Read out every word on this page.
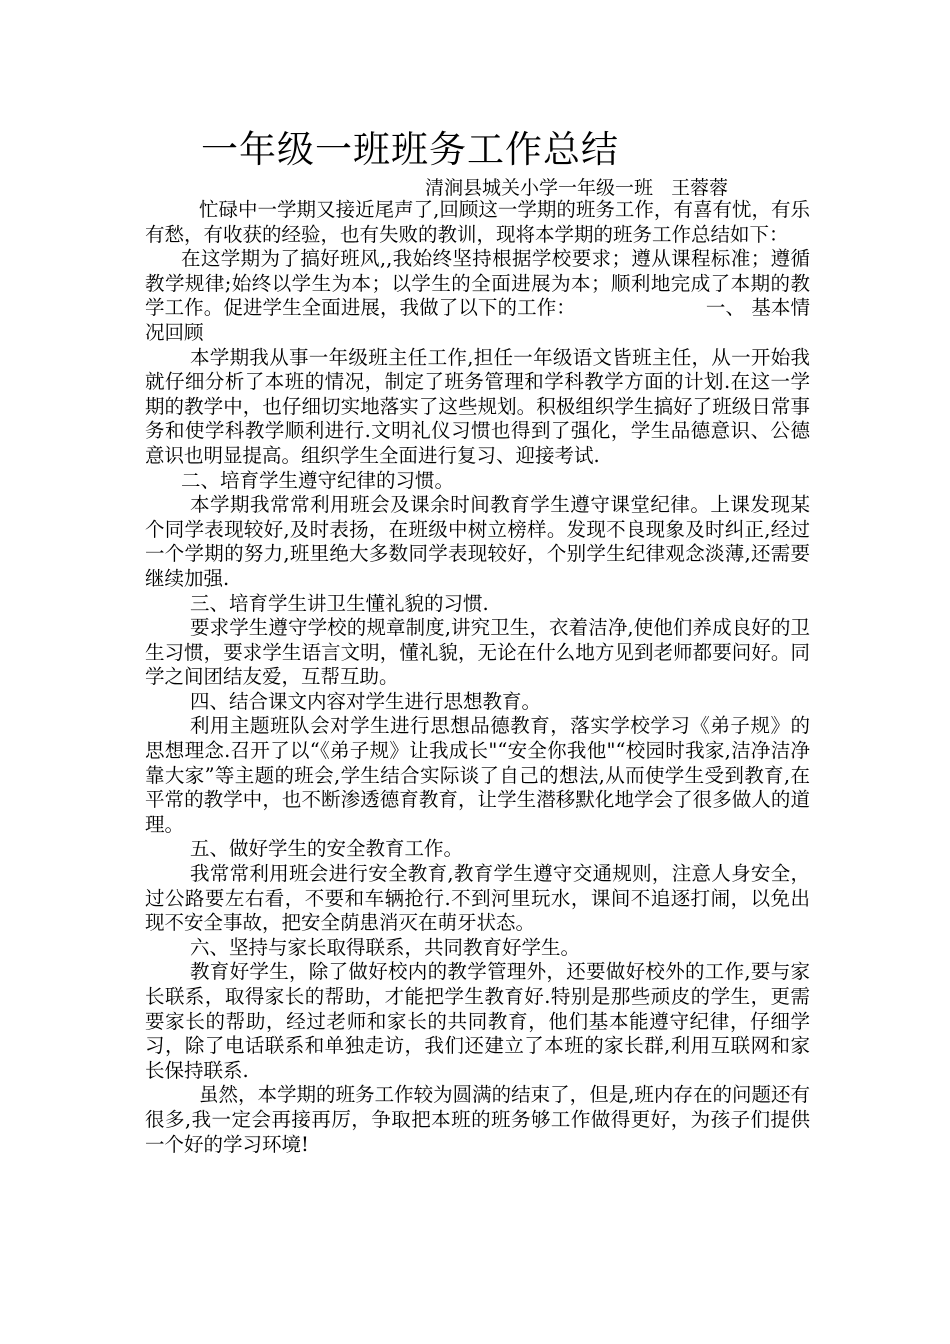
一年级一班班务工作总结
清涧县城关小学一年级一班   王蓉蓉

忙碌中一学期又接近尾声了,回顾这一学期的班务工作，有喜有忧，有乐有愁，有收获的经验，也有失败的教训，现将本学期的班务工作总结如下：

在这学期为了搞好班风,,我始终坚持根据学校要求；遵从课程标准；遵循教学规律;始终以学生为本；以学生的全面进展为本；顺利地完成了本期的教学工作。促进学生全面进展，我做了以下的工作：	一、 基本情况回顾

本学期我从事一年级班主任工作,担任一年级语文皆班主任，从一开始我就仔细分析了本班的情况，制定了班务管理和学科教学方面的计划.在这一学期的教学中，也仔细切实地落实了这些规划。积极组织学生搞好了班级日常事务和使学科教学顺利进行.文明礼仪习惯也得到了强化，学生品德意识、公德意识也明显提高。组织学生全面进行复习、迎接考试.

二、培育学生遵守纪律的习惯。

本学期我常常利用班会及课余时间教育学生遵守课堂纪律。上课发现某个同学表现较好,及时表扬，在班级中树立榜样。发现不良现象及时纠正,经过一个学期的努力,班里绝大多数同学表现较好，个别学生纪律观念淡薄,还需要继续加强.

三、培育学生讲卫生懂礼貌的习惯.

要求学生遵守学校的规章制度,讲究卫生，衣着洁净,使他们养成良好的卫生习惯，要求学生语言文明，懂礼貌，无论在什么地方见到老师都要问好。同学之间团结友爱，互帮互助。

四、结合课文内容对学生进行思想教育。

利用主题班队会对学生进行思想品德教育，落实学校学习《弟子规》的思想理念.召开了以“《弟子规》让我成长"“安全你我他"“校园时我家,洁净洁净靠大家”等主题的班会,学生结合实际谈了自己的想法,从而使学生受到教育,在平常的教学中，也不断渗透德育教育，让学生潜移默化地学会了很多做人的道理。

五、做好学生的安全教育工作。

我常常利用班会进行安全教育,教育学生遵守交通规则，注意人身安全，过公路要左右看，不要和车辆抢行.不到河里玩水，课间不追逐打闹，以免出现不安全事故，把安全荫患消灭在萌牙状态。

六、坚持与家长取得联系，共同教育好学生。

教育好学生，除了做好校内的教学管理外，还要做好校外的工作,要与家长联系，取得家长的帮助，才能把学生教育好.特别是那些顽皮的学生，更需要家长的帮助，经过老师和家长的共同教育，他们基本能遵守纪律，仔细学习，除了电话联系和单独走访，我们还建立了本班的家长群,利用互联网和家长保持联系.

虽然，本学期的班务工作较为圆满的结束了，但是,班内存在的问题还有很多,我一定会再接再厉，争取把本班的班务够工作做得更好，为孩子们提供一个好的学习环境!
